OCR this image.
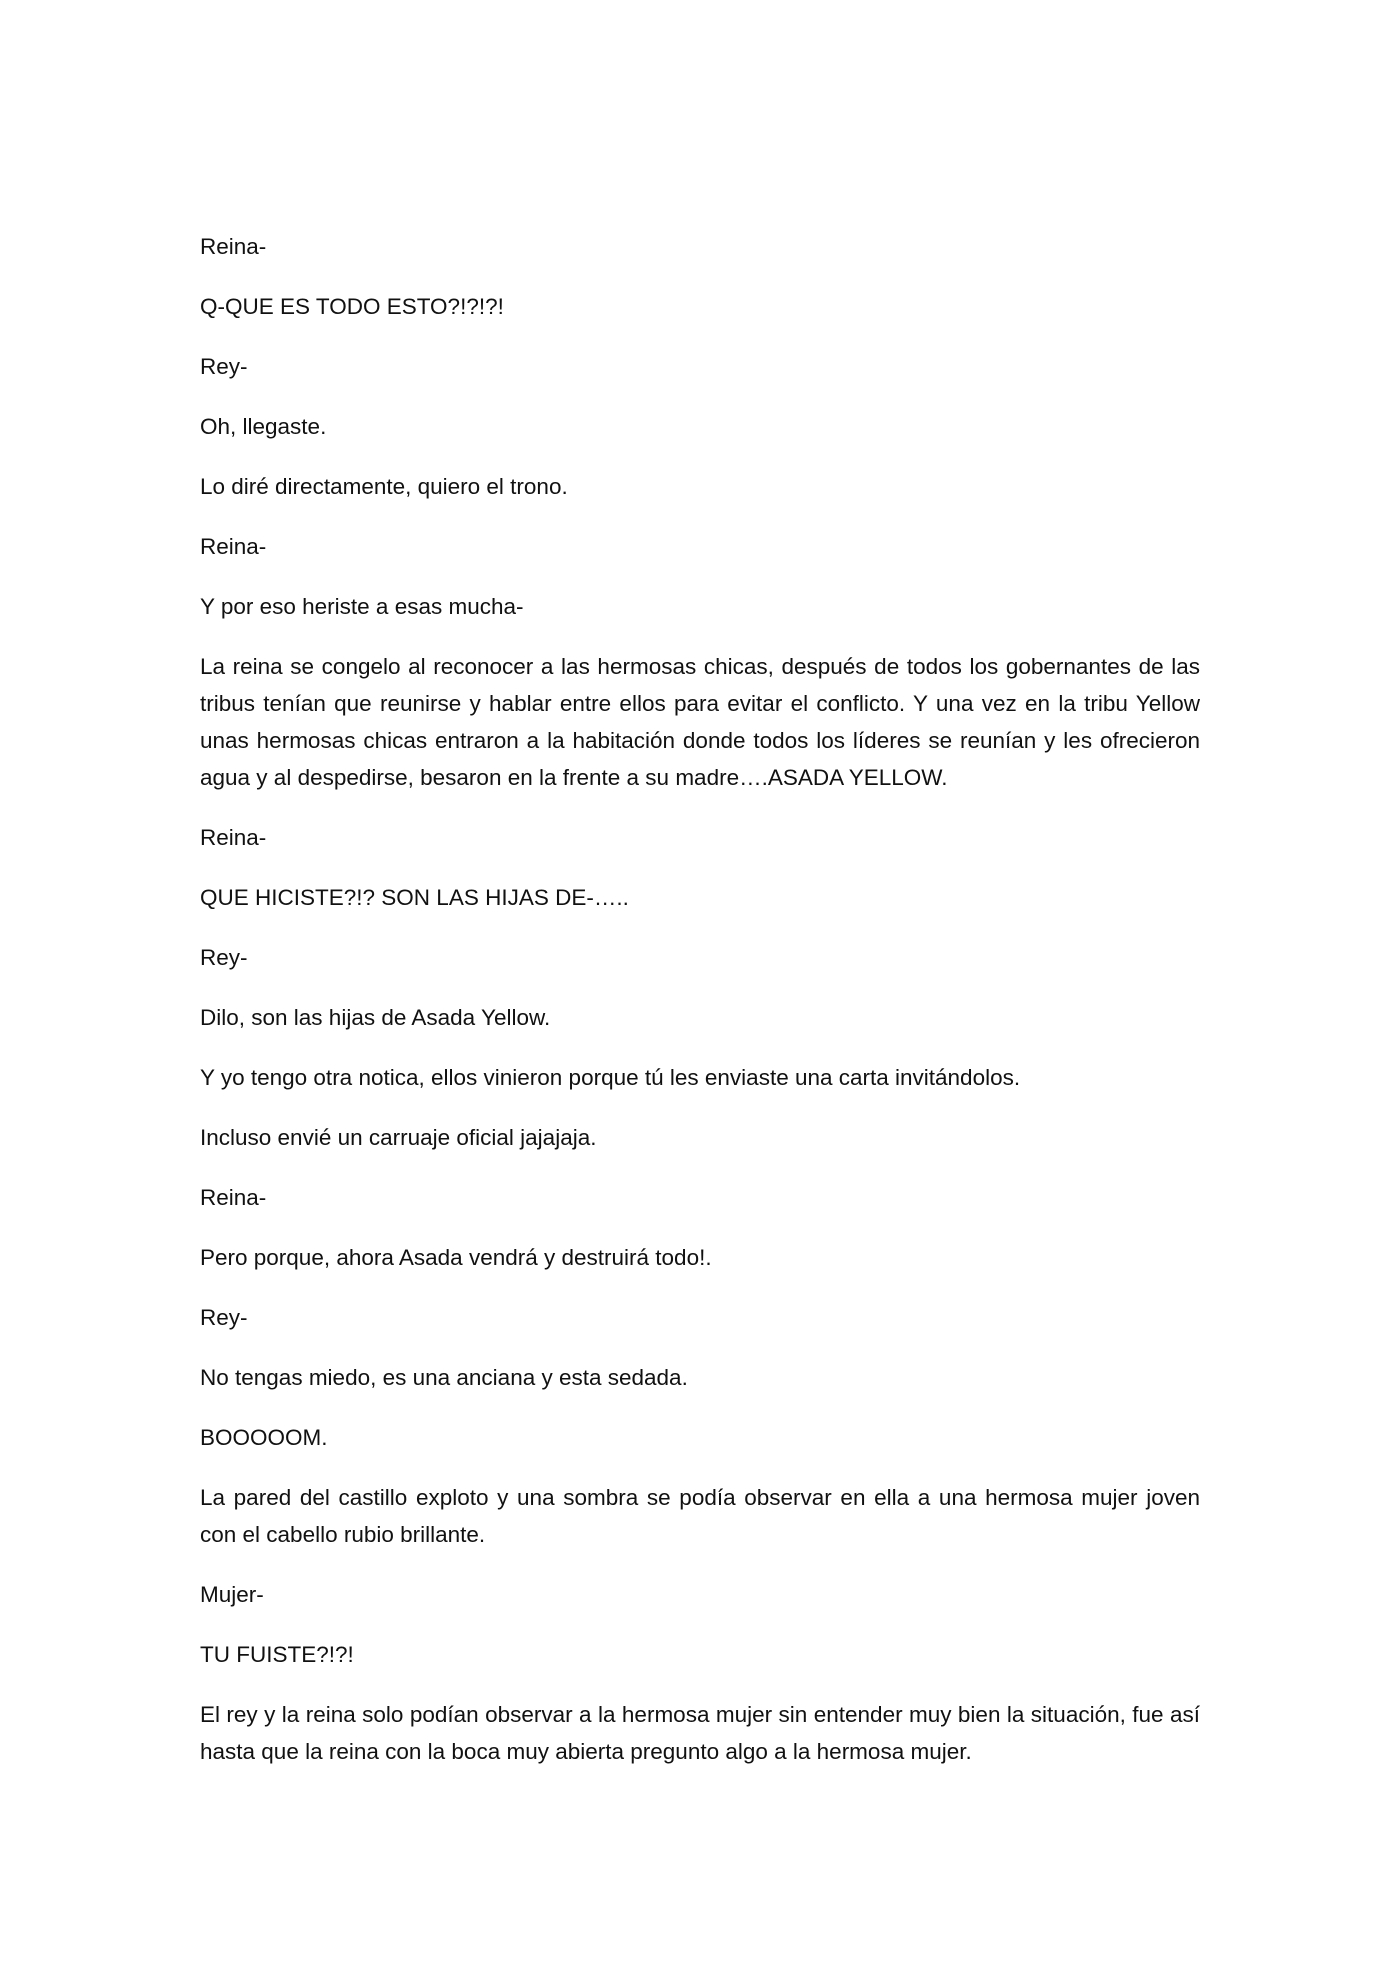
Reina-

Q-QUE ES TODO ESTO?!?!?!

Rey-

Oh, llegaste.

Lo diré directamente, quiero el trono.

Reina-

Y por eso heriste a esas mucha-

La reina se congelo al reconocer a las hermosas chicas, después de todos los gobernantes de las tribus tenían que reunirse y hablar entre ellos para evitar el conflicto. Y una vez en la tribu Yellow unas hermosas chicas entraron a la habitación donde todos los líderes se reunían y les ofrecieron agua y al despedirse, besaron en la frente a su madre….ASADA YELLOW.

Reina-

QUE HICISTE?!? SON LAS HIJAS DE-…..

Rey-

Dilo, son las hijas de Asada Yellow.

Y yo tengo otra notica, ellos vinieron porque tú les enviaste una carta invitándolos.

Incluso envié un carruaje oficial jajajaja.

Reina-

Pero porque, ahora Asada vendrá y destruirá todo!.

Rey-

No tengas miedo, es una anciana y esta sedada.

BOOOOOM.

La pared del castillo exploto y una sombra se podía observar en ella a una hermosa mujer joven con el cabello rubio brillante.

Mujer-

TU FUISTE?!?!

El rey y la reina solo podían observar a la hermosa mujer sin entender muy bien la situación, fue así hasta que la reina con la boca muy abierta pregunto algo a la hermosa mujer.
